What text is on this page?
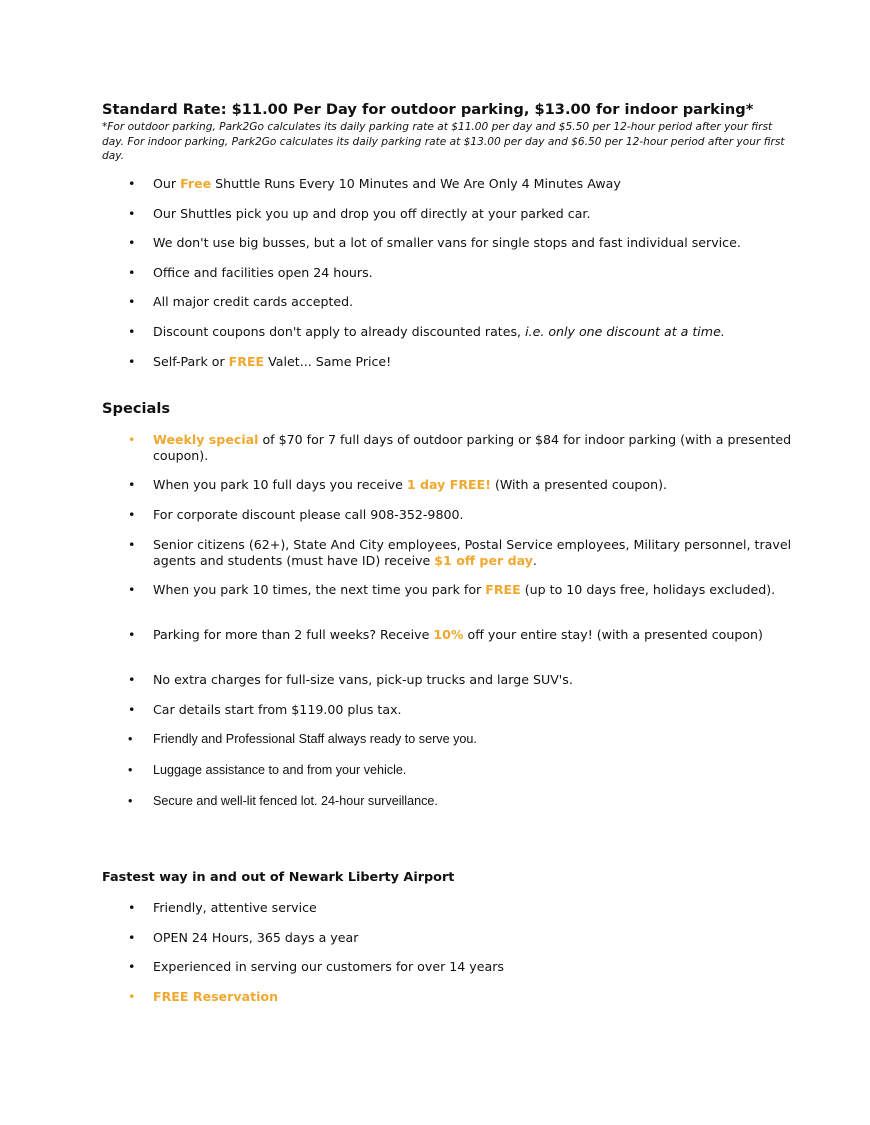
Standard Rate: $11.00 Per Day for outdoor parking, $13.00 for indoor parking*

*For outdoor parking, Park2Go calculates its daily parking rate at $11.00 per day and $5.50 per 12-hour period after your first day. For indoor parking, Park2Go calculates its daily parking rate at $13.00 per day and $6.50 per 12-hour period after your first day.

• Our Free Shuttle Runs Every 10 Minutes and We Are Only 4 Minutes Away
• Our Shuttles pick you up and drop you off directly at your parked car.
• We don't use big busses, but a lot of smaller vans for single stops and fast individual service.
• Office and facilities open 24 hours.
• All major credit cards accepted.
• Discount coupons don't apply to already discounted rates, i.e. only one discount at a time.
• Self-Park or FREE Valet... Same Price!
Specials
• Weekly special of $70 for 7 full days of outdoor parking or $84 for indoor parking (with a presented coupon).
• When you park 10 full days you receive 1 day FREE! (With a presented coupon).
• For corporate discount please call 908-352-9800.
• Senior citizens (62+), State And City employees, Postal Service employees, Military personnel, travel agents and students (must have ID) receive $1 off per day.
• When you park 10 times, the next time you park for FREE (up to 10 days free, holidays excluded).
• Parking for more than 2 full weeks? Receive 10% off your entire stay! (with a presented coupon)
• No extra charges for full-size vans, pick-up trucks and large SUV's.
• Car details start from $119.00 plus tax.
• Friendly and Professional Staff always ready to serve you.
• Luggage assistance to and from your vehicle.
• Secure and well-lit fenced lot. 24-hour surveillance.
Fastest way in and out of Newark Liberty Airport
• Friendly, attentive service
• OPEN 24 Hours, 365 days a year
• Experienced in serving our customers for over 14 years
• FREE Reservation
